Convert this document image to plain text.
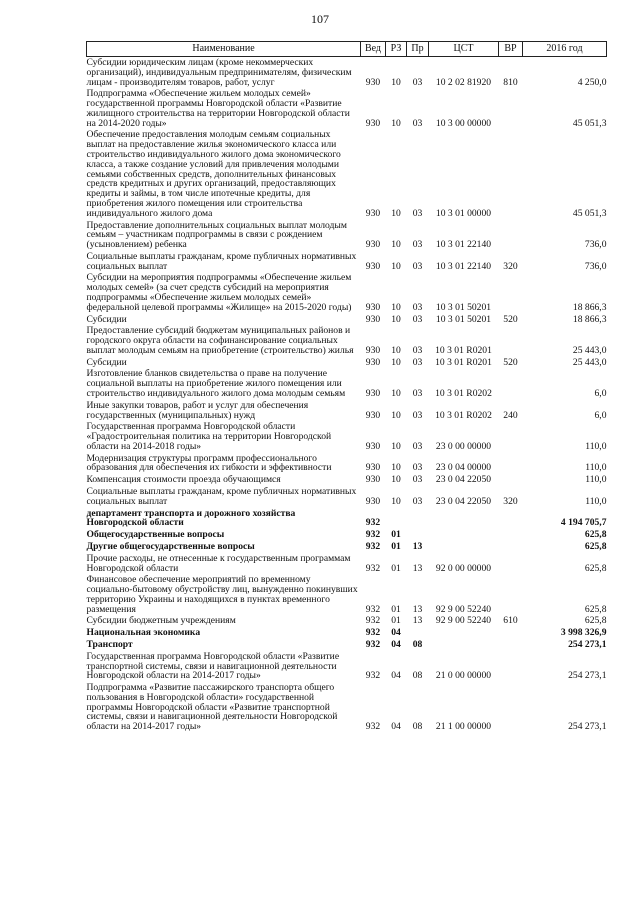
107
Наименование	Вед	РЗ	Пр	ЦСТ	ВР	2016 год
Субсидии юридическим лицам (кроме некоммерческих организаций), индивидуальным предпринимателям, физическим лицам - производителям товаров, работ, услуг	930	10	03	10 2 02 81920	810	4 250,0
Подпрограмма «Обеспечение жильем молодых семей» государственной программы Новгородской области «Развитие жилищного строительства на территории Новгородской области на 2014-2020 годы»	930	10	03	10 3 00 00000		45 051,3
Обеспечение предоставления молодым семьям социальных выплат на предоставление жилья экономического класса или строительство индивидуального жилого дома экономического класса, а также создание условий для привлечения молодыми семьями собственных средств, дополнительных финансовых средств кредитных и других организаций, предоставляющих кредиты и займы, в том числе ипотечные кредиты, для приобретения жилого помещения или строительства индивидуального жилого дома	930	10	03	10 3 01 00000		45 051,3
Предоставление дополнительных социальных выплат молодым семьям – участникам подпрограммы в связи с рождением (усыновлением) ребенка	930	10	03	10 3 01 22140		736,0
Социальные выплаты гражданам, кроме публичных нормативных социальных выплат	930	10	03	10 3 01 22140	320	736,0
Субсидии на мероприятия подпрограммы «Обеспечение жильем молодых семей» (за счет средств субсидий на мероприятия подпрограммы «Обеспечение жильем молодых семей» федеральной целевой программы «Жилище» на 2015-2020 годы)	930	10	03	10 3 01 50201		18 866,3
Субсидии	930	10	03	10 3 01 50201	520	18 866,3
Предоставление субсидий бюджетам муниципальных районов и городского округа области на софинансирование социальных выплат молодым семьям на приобретение (строительство) жилья	930	10	03	10 3 01 R0201		25 443,0
Субсидии	930	10	03	10 3 01 R0201	520	25 443,0
Изготовление бланков свидетельства о праве на получение социальной выплаты на приобретение жилого помещения или строительство индивидуального жилого дома молодым семьям	930	10	03	10 3 01 R0202		6,0
Иные закупки товаров, работ и услуг для обеспечения государственных (муниципальных) нужд	930	10	03	10 3 01 R0202	240	6,0
Государственная программа Новгородской области «Градостроительная политика на территории Новгородской области на 2014-2018 годы»	930	10	03	23 0 00 00000		110,0
Модернизация структуры программ профессионального образования для обеспечения их гибкости и эффективности	930	10	03	23 0 04 00000		110,0
Компенсация стоимости проезда обучающимся	930	10	03	23 0 04 22050		110,0
Социальные выплаты гражданам, кроме публичных нормативных социальных выплат	930	10	03	23 0 04 22050	320	110,0
департамент транспорта и дорожного хозяйства Новгородской области	932					4 194 705,7
Общегосударственные вопросы	932	01				625,8
Другие общегосударственные вопросы	932	01	13			625,8
Прочие расходы, не отнесенные к государственным программам Новгородской области	932	01	13	92 0 00 00000		625,8
Финансовое обеспечение мероприятий по временному социально-бытовому обустройству лиц, вынужденно покинувших территорию Украины и находящихся в пунктах временного размещения	932	01	13	92 9 00 52240		625,8
Субсидии бюджетным учреждениям	932	01	13	92 9 00 52240	610	625,8
Национальная экономика	932	04				3 998 326,9
Транспорт	932	04	08			254 273,1
Государственная программа Новгородской области «Развитие транспортной системы, связи и навигационной деятельности Новгородской области на 2014-2017 годы»	932	04	08	21 0 00 00000		254 273,1
Подпрограмма «Развитие пассажирского транспорта общего пользования в Новгородской области» государственной программы Новгородской области «Развитие транспортной системы, связи и навигационной деятельности Новгородской области на 2014-2017 годы»	932	04	08	21 1 00 00000		254 273,1
